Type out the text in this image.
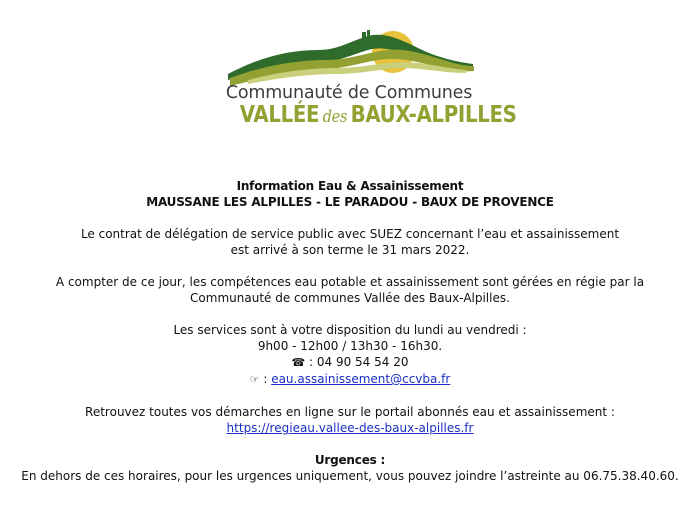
Communauté de Communes
VALLÉE des BAUX-ALPILLES

Information Eau & Assainissement

MAUSSANE LES ALPILLES - LE PARADOU - BAUX DE PROVENCE

Le contrat de délégation de service public avec SUEZ concernant l’eau et assainissement

est arrivé à son terme le 31 mars 2022.

A compter de ce jour, les compétences eau potable et assainissement sont gérées en régie par la

Communauté de communes Vallée des Baux-Alpilles.

Les services sont à votre disposition du lundi au vendredi :

9h00 - 12h00 / 13h30 - 16h30.

☎ : 04 90 54 54 20

☞ : eau.assainissement@ccvba.fr

Retrouvez toutes vos démarches en ligne sur le portail abonnés eau et assainissement :

https://regieau.vallee-des-baux-alpilles.fr

Urgences :

En dehors de ces horaires, pour les urgences uniquement, vous pouvez joindre l’astreinte au 06.75.38.40.60.
